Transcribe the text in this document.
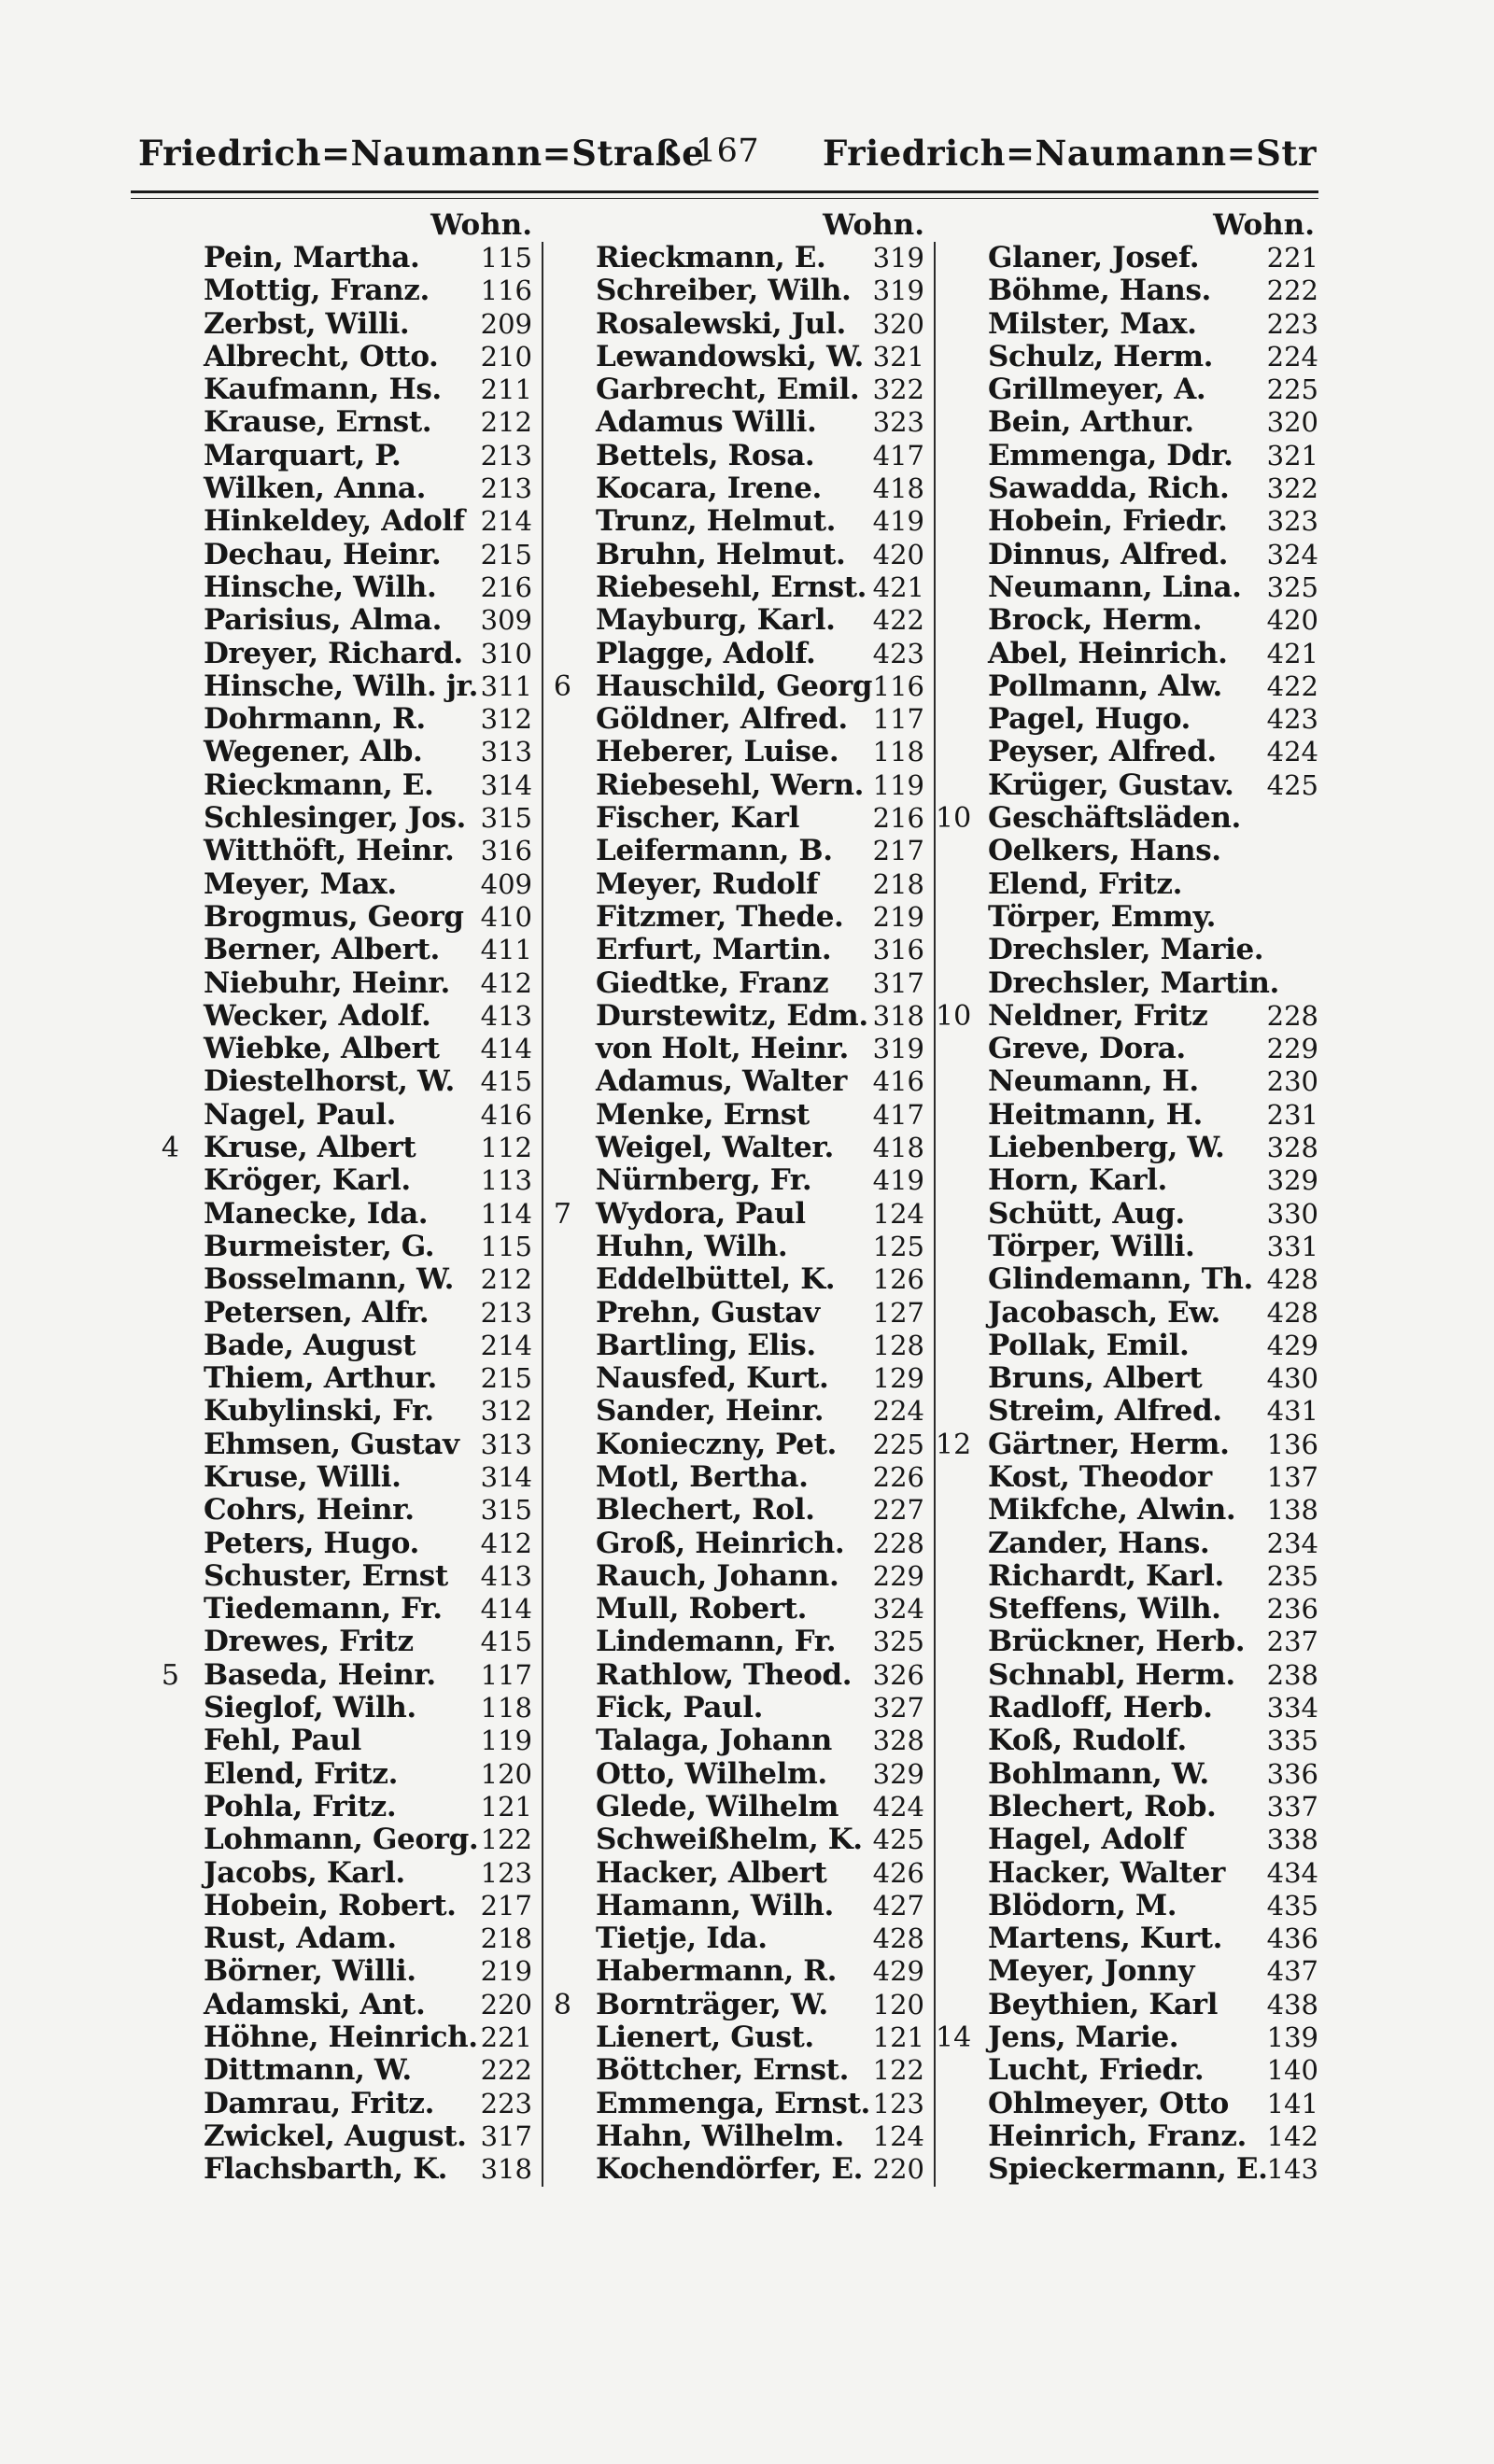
Friedrich=Naumann=Straße
167	Friedrich=Naumann=Str
Wohn.
Pein, Martha. 115
Mottig, Franz. 116
Zerbst, Willi.	209
Albrecht, Otto. 210
Kaufmann, Hs. 211
Krause, Ernst. 212
Marquart, P.	213
Wilken, Anna. 213
Hinkeldey, Adolf 214
Dechau, Heinr. 215
Hinsche, Wilh. 216
Parisius, Alma. 309
Dreyer, Richard. 310
Hinsche, Wilh. jr. 311
Dohrmann, R. 312
Wegener, Alb. 313
Rieckmann, E. 314
Schlesinger, Jos. 315
Witthöft, Heinr. 316
Meyer, Max.	409
Brogmus, Georg 410
Berner, Albert. 411
Niebuhr, Heinr. 412
Wecker, Adolf. 413
Wiebke, Albert 414
Diestelhorst, W. 415
Nagel, Paul.	416
4 Kruse, Albert 112
Kröger, Karl.	113
Manecke, Ida. 114
Burmeister, G. 115
Bosselmann, W. 212
Petersen, Alfr. 213
Bade, August 214
Thiem, Arthur. 215
Kubylinski, Fr. 312
Ehmsen, Gustav 313
Kruse, Willi.	314
Cohrs, Heinr. 315
Peters, Hugo. 412
Schuster, Ernst 413
Tiedemann, Fr. 414
Drewes, Fritz 415
5 Baseda, Heinr. 117
Sieglof, Wilh. 118
Fehl, Paul	119
Elend, Fritz.	120
Pohla, Fritz.	121
Lohmann, Georg. 122
Jacobs, Karl.	123
Hobein, Robert. 217
Rust, Adam.	218
Börner, Willi. 219
Adamski, Ant. 220
Höhne, Heinrich. 221
Dittmann, W.	222
Damrau, Fritz. 223
Zwickel, August. 317
Flachsbarth, K. 318
Wohn.
Rieckmann, E. 319
Schreiber, Wilh. 319
Rosalewski, Jul. 320
Lewandowski, W. 321
Garbrecht, Emil. 322
Adamus Willi. 323
Bettels, Rosa. 417
Kocara, Irene. 418
Trunz, Helmut. 419
Bruhn, Helmut. 420
Riebesehl, Ernst. 421
Mayburg, Karl. 422
Plagge, Adolf. 423
6 Hauschild, Georg 116
Göldner, Alfred. 117
Heberer, Luise. 118
Riebesehl, Wern. 119
Fischer, Karl	216
Leifermann, B. 217
Meyer, Rudolf 218
Fitzmer, Thede. 219
Erfurt, Martin. 316
Giedtke, Franz 317
Durstewitz, Edm. 318
von Holt, Heinr. 319
Adamus, Walter 416
Menke, Ernst 417
Weigel, Walter. 418
Nürnberg, Fr. 419
7 Wydora, Paul 124
Huhn, Wilh.	125
Eddelbüttel, K. 126
Prehn, Gustav 127
Bartling, Elis. 128
Nausfed, Kurt. 129
Sander, Heinr. 224
Konieczny, Pet. 225
Motl, Bertha. 226
Blechert, Rol. 227
Groß, Heinrich. 228
Rauch, Johann. 229
Mull, Robert. 324
Lindemann, Fr. 325
Rathlow, Theod. 326
Fick, Paul.	327
Talaga, Johann 328
Otto, Wilhelm. 329
Glede, Wilhelm 424
Schweißhelm, K. 425
Hacker, Albert 426
Hamann, Wilh. 427
Tietje, Ida.	428
Habermann, R. 429
8 Bornträger, W. 120
Lienert, Gust. 121
Böttcher, Ernst. 122
Emmenga, Ernst. 123
Hahn, Wilhelm. 124
Kochendörfer, E. 220
Wohn.
Glaner, Josef. 221
Böhme, Hans. 222
Milster, Max.	223
Schulz, Herm. 224
Grillmeyer, A. 225
Bein, Arthur.	320
Emmenga, Ddr. 321
Sawadda, Rich. 322
Hobein, Friedr. 323
Dinnus, Alfred. 324
Neumann, Lina. 325
Brock, Herm. 420
Abel, Heinrich. 421
Pollmann, Alw. 422
Pagel, Hugo.	423
Peyser, Alfred. 424
Krüger, Gustav. 425
10 Geschäftsläden.
Oelkers, Hans.
Elend, Fritz.
Törper, Emmy.
Drechsler, Marie.
Drechsler, Martin.
10 Neldner, Fritz 228
Greve, Dora.	229
Neumann, H.	230
Heitmann, H. 231
Liebenberg, W. 328
Horn, Karl.	329
Schütt, Aug.	330
Törper, Willi.	331
Glindemann, Th. 428
Jacobasch, Ew. 428
Pollak, Emil.	429
Bruns, Albert 430
Streim, Alfred. 431
12 Gärtner, Herm. 136
Kost, Theodor 137
Mikfche, Alwin. 138
Zander, Hans. 234
Richardt, Karl. 235
Steffens, Wilh. 236
Brückner, Herb. 237
Schnabl, Herm. 238
Radloff, Herb. 334
Koß, Rudolf.	335
Bohlmann, W. 336
Blechert, Rob. 337
Hagel, Adolf	338
Hacker, Walter 434
Blödorn, M.	435
Martens, Kurt. 436
Meyer, Jonny	437
Beythien, Karl 438
14 Jens, Marie.	139
Lucht, Friedr. 140
Ohlmeyer, Otto 141
Heinrich, Franz. 142
Spieckermann, E. 143
